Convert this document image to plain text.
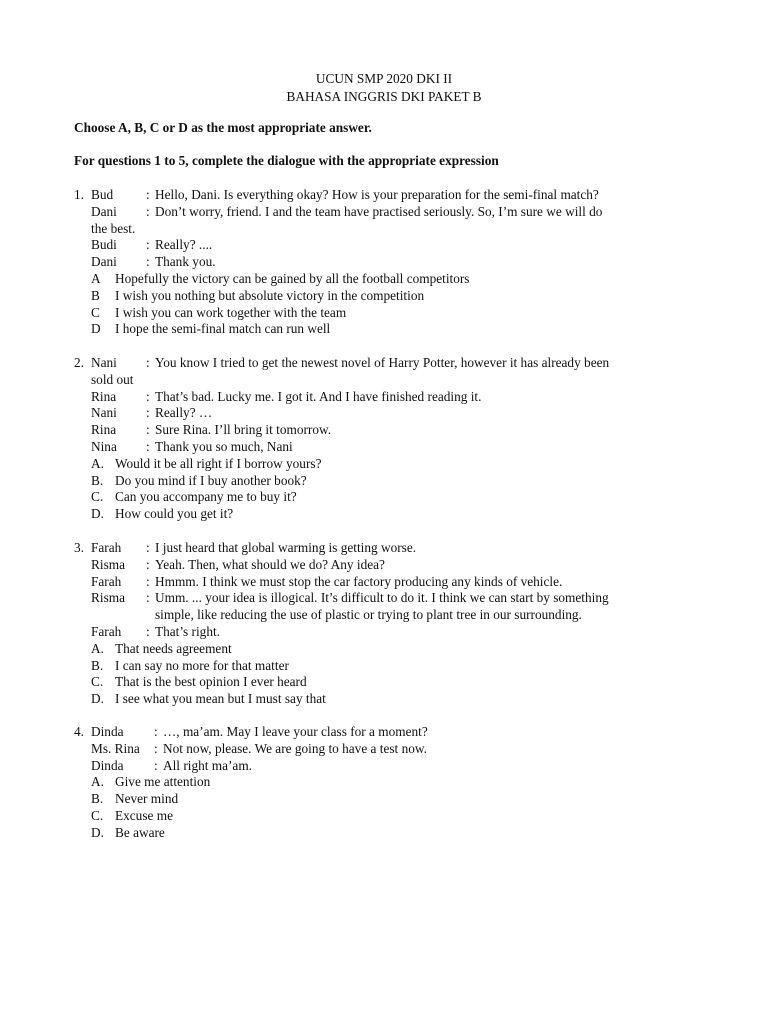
UCUN SMP 2020 DKI II
BAHASA INGGRIS DKI PAKET B
Choose A, B, C or D as the most appropriate answer.
For questions 1 to 5, complete the dialogue with the appropriate expression
1. Bud : Hello, Dani. Is everything okay? How is your preparation for the semi-final match?
Dani : Don’t worry, friend. I and the team have practised seriously. So, I’m sure we will do
the best.
Budi : Really? ....
Dani : Thank you.
A Hopefully the victory can be gained by all the football competitors
B I wish you nothing but absolute victory in the competition
C I wish you can work together with the team
D I hope the semi-final match can run well
2. Nani : You know I tried to get the newest novel of Harry Potter, however it has already been
sold out
Rina : That’s bad. Lucky me. I got it. And I have finished reading it.
Nani : Really? …
Rina : Sure Rina. I’ll bring it tomorrow.
Nina : Thank you so much, Nani
A. Would it be all right if I borrow yours?
B. Do you mind if I buy another book?
C. Can you accompany me to buy it?
D. How could you get it?
3. Farah : I just heard that global warming is getting worse.
Risma : Yeah. Then, what should we do? Any idea?
Farah : Hmmm. I think we must stop the car factory producing any kinds of vehicle.
Risma : Umm. ... your idea is illogical. It’s difficult to do it. I think we can start by something
simple, like reducing the use of plastic or trying to plant tree in our surrounding.
Farah : That’s right.
A. That needs agreement
B. I can say no more for that matter
C. That is the best opinion I ever heard
D. I see what you mean but I must say that
4. Dinda : …, ma’am. May I leave your class for a moment?
Ms. Rina : Not now, please. We are going to have a test now.
Dinda : All right ma’am.
A. Give me attention
B. Never mind
C. Excuse me
D. Be aware
